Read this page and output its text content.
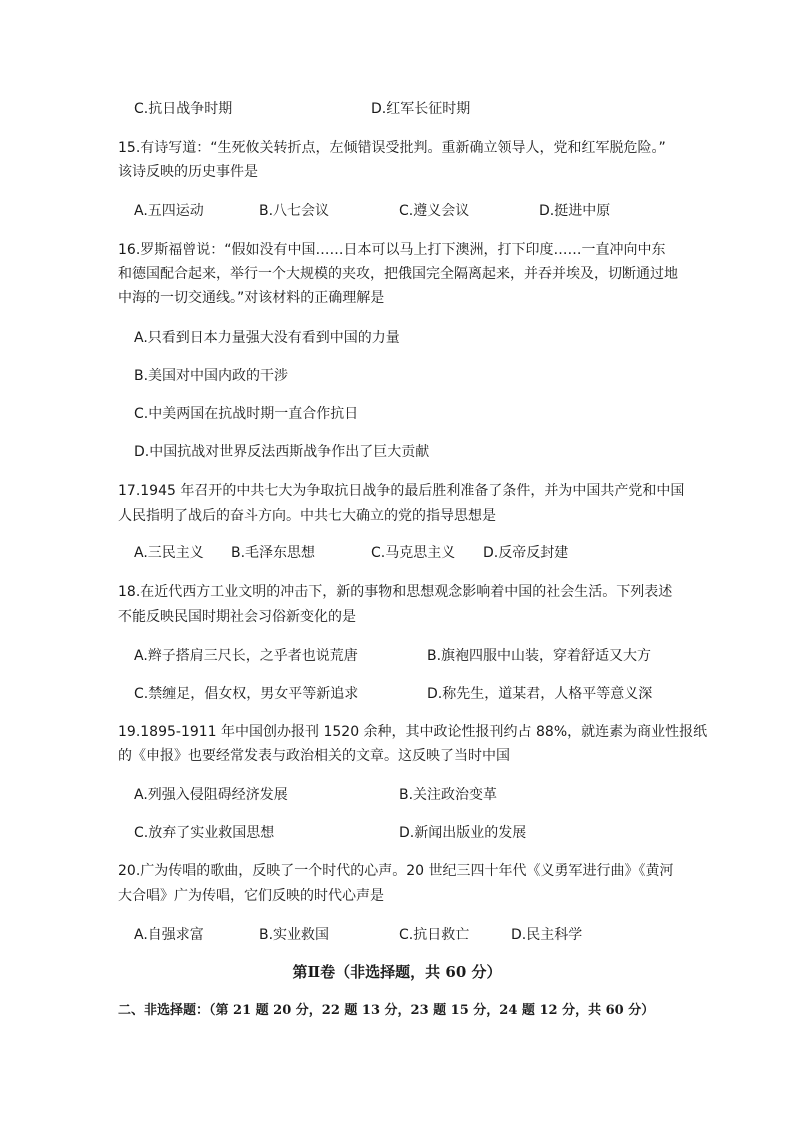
C.抗日战争时期	D.红军长征时期
15.有诗写道：“生死攸关转折点，左倾错误受批判。重新确立领导人，党和红军脱危险。”
该诗反映的历史事件是
A.五四运动	B.八七会议	C.遵义会议	D.挺进中原
16.罗斯福曾说：“假如没有中国……日本可以马上打下澳洲，打下印度……一直冲向中东
和德国配合起来，举行一个大规模的夹攻，把俄国完全隔离起来，并吞并埃及，切断通过地
中海的一切交通线。”对该材料的正确理解是
A.只看到日本力量强大没有看到中国的力量
B.美国对中国内政的干涉
C.中美两国在抗战时期一直合作抗日
D.中国抗战对世界反法西斯战争作出了巨大贡献
17.1945 年召开的中共七大为争取抗日战争的最后胜利准备了条件，并为中国共产党和中国
人民指明了战后的奋斗方向。中共七大确立的党的指导思想是
A.三民主义 B.毛泽东思想	C.马克思主义 D.反帝反封建
18.在近代西方工业文明的冲击下，新的事物和思想观念影响着中国的社会生活。下列表述
不能反映民国时期社会习俗新变化的是
A.辫子搭肩三尺长，之乎者也说荒唐	B.旗袍四服中山装，穿着舒适又大方
C.禁缠足，倡女权，男女平等新追求	D.称先生，道某君，人格平等意义深
19.1895-1911 年中国创办报刊 1520 余种，其中政论性报刊约占 88%，就连素为商业性报纸
的《申报》也要经常发表与政治相关的文章。这反映了当时中国
A.列强入侵阻碍经济发展	B.关注政治变革
C.放弃了实业救国思想	D.新闻出版业的发展
20.广为传唱的歌曲，反映了一个时代的心声。20 世纪三四十年代《义勇军进行曲》《黄河
大合唱》广为传唱，它们反映的时代心声是
A.自强求富	B.实业救国	C.抗日救亡	D.民主科学
第Ⅱ卷（非选择题，共 60 分）
二、非选择题：（第 21 题 20 分，22 题 13 分，23 题 15 分，24 题 12 分，共 60 分）
